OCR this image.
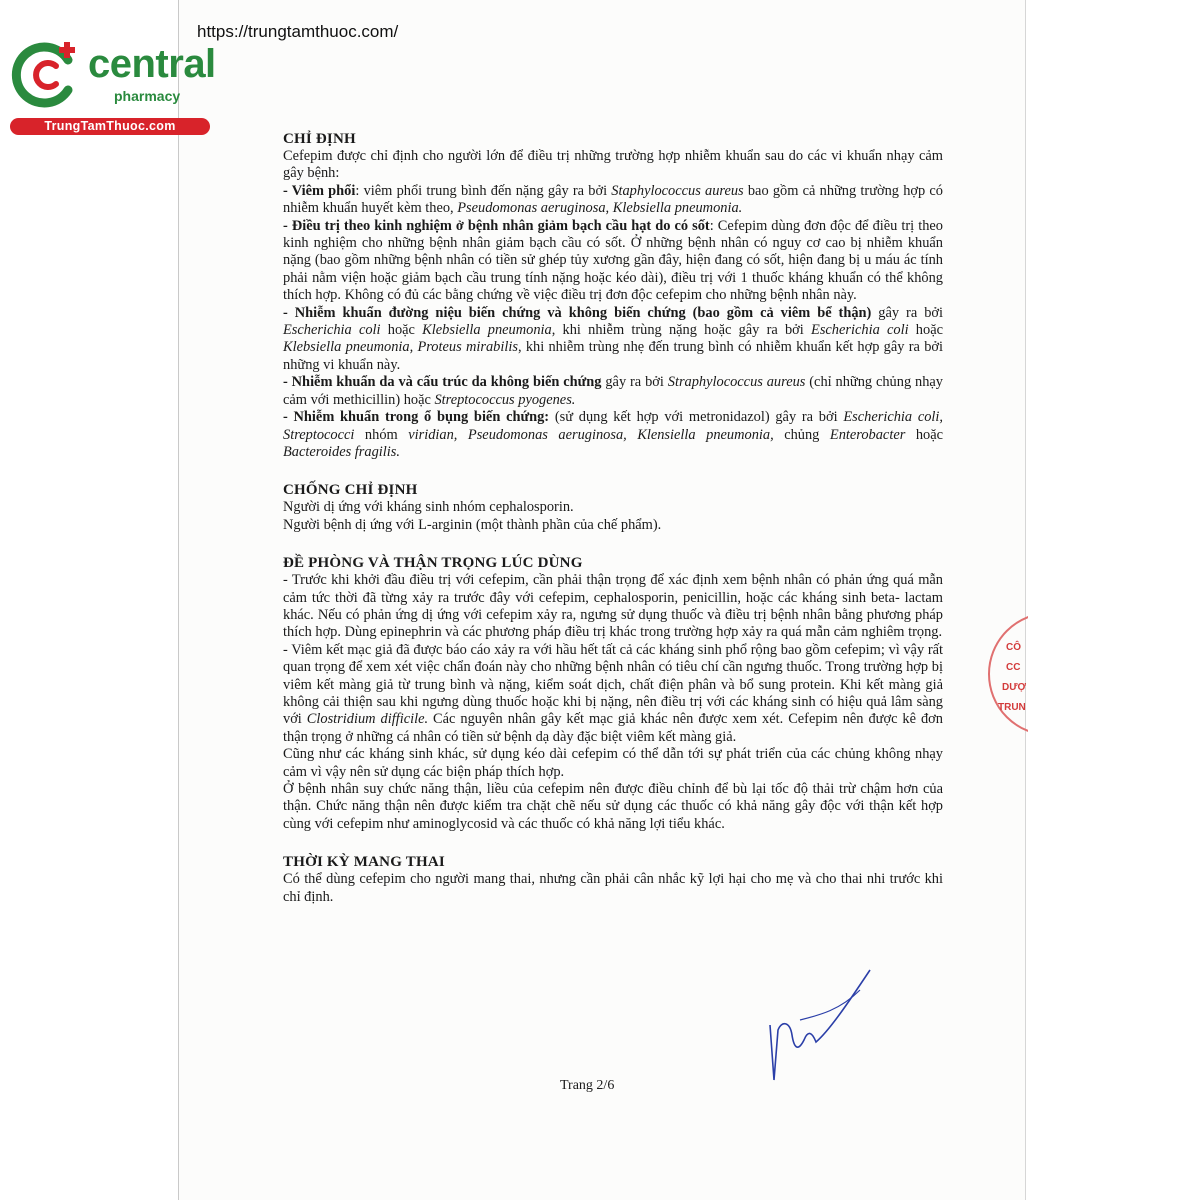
https://trungtamthuoc.com/
central
pharmacy
TrungTamThuoc.com
CHỈ ĐỊNH

Cefepim được chỉ định cho người lớn để điều trị những trường hợp nhiễm khuẩn sau do các vi khuẩn nhạy cảm gây bệnh:

- Viêm phổi: viêm phổi trung bình đến nặng gây ra bởi Staphylococcus aureus bao gồm cả những trường hợp có nhiễm khuẩn huyết kèm theo, Pseudomonas aeruginosa, Klebsiella pneumonia.

- Điều trị theo kinh nghiệm ở bệnh nhân giảm bạch cầu hạt do có sốt: Cefepim dùng đơn độc để điều trị theo kinh nghiệm cho những bệnh nhân giảm bạch cầu có sốt. Ở những bệnh nhân có nguy cơ cao bị nhiễm khuẩn nặng (bao gồm những bệnh nhân có tiền sử ghép tủy xương gần đây, hiện đang có sốt, hiện đang bị u máu ác tính phải nằm viện hoặc giảm bạch cầu trung tính nặng hoặc kéo dài), điều trị với 1 thuốc kháng khuẩn có thể không thích hợp. Không có đủ các bằng chứng về việc điều trị đơn độc cefepim cho những bệnh nhân này.

- Nhiễm khuẩn đường niệu biến chứng và không biến chứng (bao gồm cả viêm bể thận) gây ra bởi Escherichia coli hoặc Klebsiella pneumonia, khi nhiễm trùng nặng hoặc gây ra bởi Escherichia coli hoặc Klebsiella pneumonia, Proteus mirabilis, khi nhiễm trùng nhẹ đến trung bình có nhiễm khuẩn kết hợp gây ra bởi những vi khuẩn này.

- Nhiễm khuẩn da và cấu trúc da không biến chứng gây ra bởi Straphylococcus aureus (chỉ những chủng nhạy cảm với methicillin) hoặc Streptococcus pyogenes.

- Nhiễm khuẩn trong ổ bụng biến chứng: (sử dụng kết hợp với metronidazol) gây ra bởi Escherichia coli, Streptococci nhóm viridian, Pseudomonas aeruginosa, Klensiella pneumonia, chủng Enterobacter hoặc Bacteroides fragilis.

CHỐNG CHỈ ĐỊNH

Người dị ứng với kháng sinh nhóm cephalosporin.

Người bệnh dị ứng với L-arginin (một thành phần của chế phẩm).

ĐỀ PHÒNG VÀ THẬN TRỌNG LÚC DÙNG

- Trước khi khởi đầu điều trị với cefepim, cần phải thận trọng để xác định xem bệnh nhân có phản ứng quá mẫn cảm tức thời đã từng xảy ra trước đây với cefepim, cephalosporin, penicillin, hoặc các kháng sinh beta- lactam khác. Nếu có phản ứng dị ứng với cefepim xảy ra, ngưng sử dụng thuốc và điều trị bệnh nhân bằng phương pháp thích hợp. Dùng epinephrin và các phương pháp điều trị khác trong trường hợp xảy ra quá mẫn cảm nghiêm trọng.

- Viêm kết mạc giả đã được báo cáo xảy ra với hầu hết tất cả các kháng sinh phổ rộng bao gồm cefepim; vì vậy rất quan trọng để xem xét việc chẩn đoán này cho những bệnh nhân có tiêu chí cần ngưng thuốc. Trong trường hợp bị viêm kết màng giả từ trung bình và nặng, kiểm soát dịch, chất điện phân và bổ sung protein. Khi kết màng giả không cải thiện sau khi ngưng dùng thuốc hoặc khi bị nặng, nên điều trị với các kháng sinh có hiệu quả lâm sàng với Clostridium difficile. Các nguyên nhân gây kết mạc giả khác nên được xem xét. Cefepim nên được kê đơn thận trọng ở những cá nhân có tiền sử bệnh dạ dày đặc biệt viêm kết màng giả.

Cũng như các kháng sinh khác, sử dụng kéo dài cefepim có thể dẫn tới sự phát triển của các chủng không nhạy cảm vì vậy nên sử dụng các biện pháp thích hợp.

Ở bệnh nhân suy chức năng thận, liều của cefepim nên được điều chỉnh để bù lại tốc độ thải trừ chậm hơn của thận. Chức năng thận nên được kiểm tra chặt chẽ nếu sử dụng các thuốc có khả năng gây độc với thận kết hợp cùng với cefepim như aminoglycosid và các thuốc có khả năng lợi tiểu khác.

THỜI KỲ MANG THAI

Có thể dùng cefepim cho người mang thai, nhưng cần phải cân nhắc kỹ lợi hại cho mẹ và cho thai nhi trước khi chỉ định.

Trang 2/6
CÔ
CC
DƯỢ
TRUN
